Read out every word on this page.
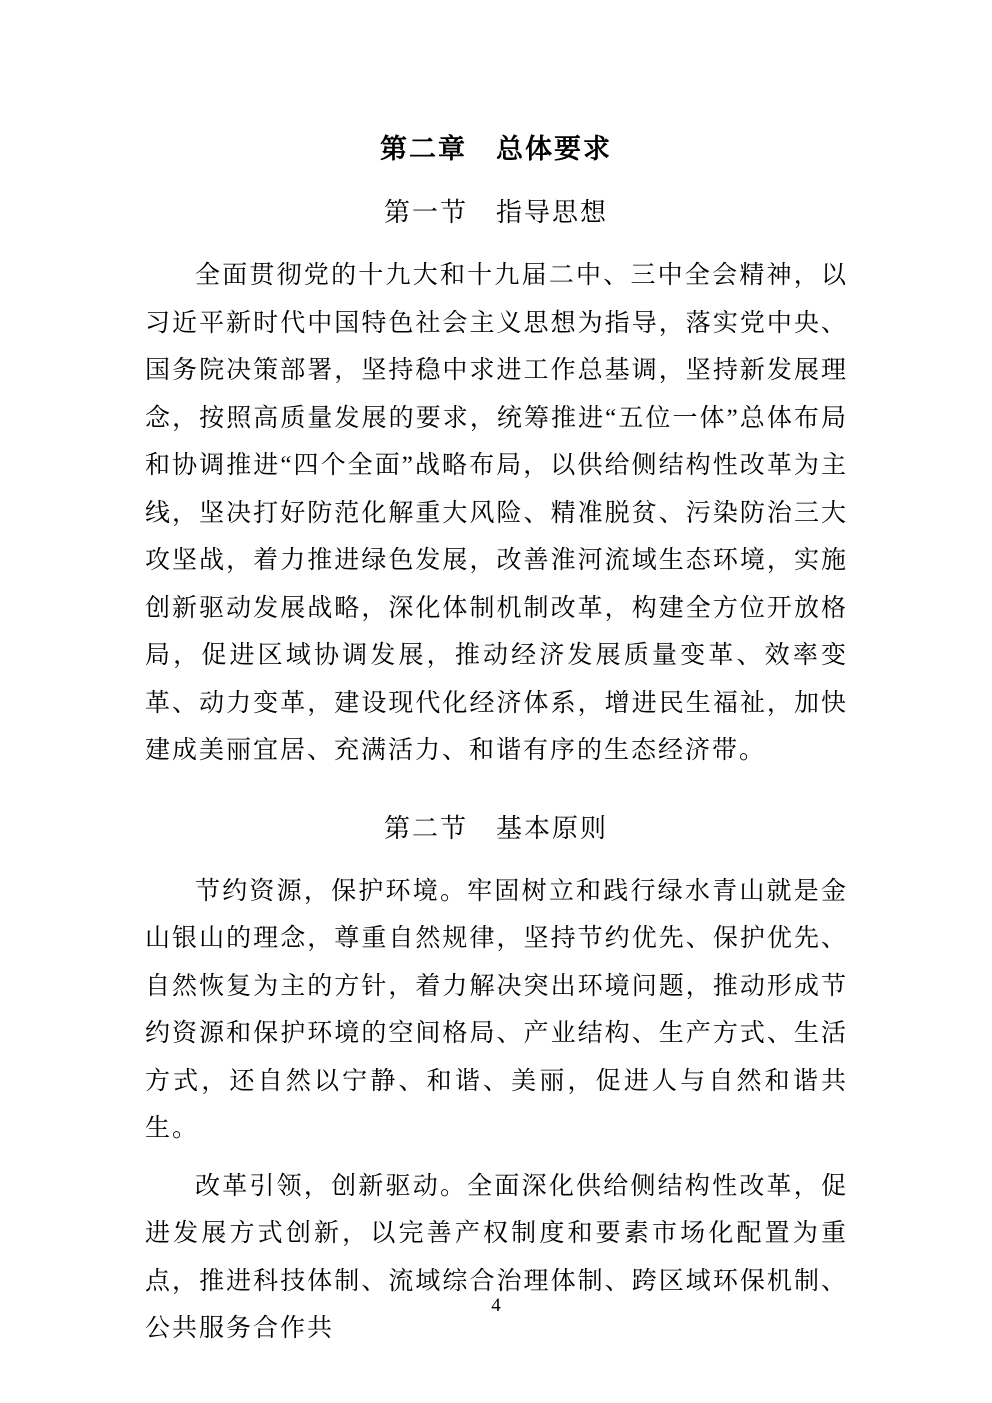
第二章　总体要求
第一节　指导思想

全面贯彻党的十九大和十九届二中、三中全会精神，以习近平新时代中国特色社会主义思想为指导，落实党中央、国务院决策部署，坚持稳中求进工作总基调，坚持新发展理念，按照高质量发展的要求，统筹推进“五位一体”总体布局和协调推进“四个全面”战略布局，以供给侧结构性改革为主线，坚决打好防范化解重大风险、精准脱贫、污染防治三大攻坚战，着力推进绿色发展，改善淮河流域生态环境，实施创新驱动发展战略，深化体制机制改革，构建全方位开放格局，促进区域协调发展，推动经济发展质量变革、效率变革、动力变革，建设现代化经济体系，增进民生福祉，加快建成美丽宜居、充满活力、和谐有序的生态经济带。

第二节　基本原则

节约资源，保护环境。牢固树立和践行绿水青山就是金山银山的理念，尊重自然规律，坚持节约优先、保护优先、自然恢复为主的方针，着力解决突出环境问题，推动形成节约资源和保护环境的空间格局、产业结构、生产方式、生活方式，还自然以宁静、和谐、美丽，促进人与自然和谐共生。

改革引领，创新驱动。全面深化供给侧结构性改革，促进发展方式创新，以完善产权制度和要素市场化配置为重点，推进科技体制、流域综合治理体制、跨区域环保机制、公共服务合作共

4
